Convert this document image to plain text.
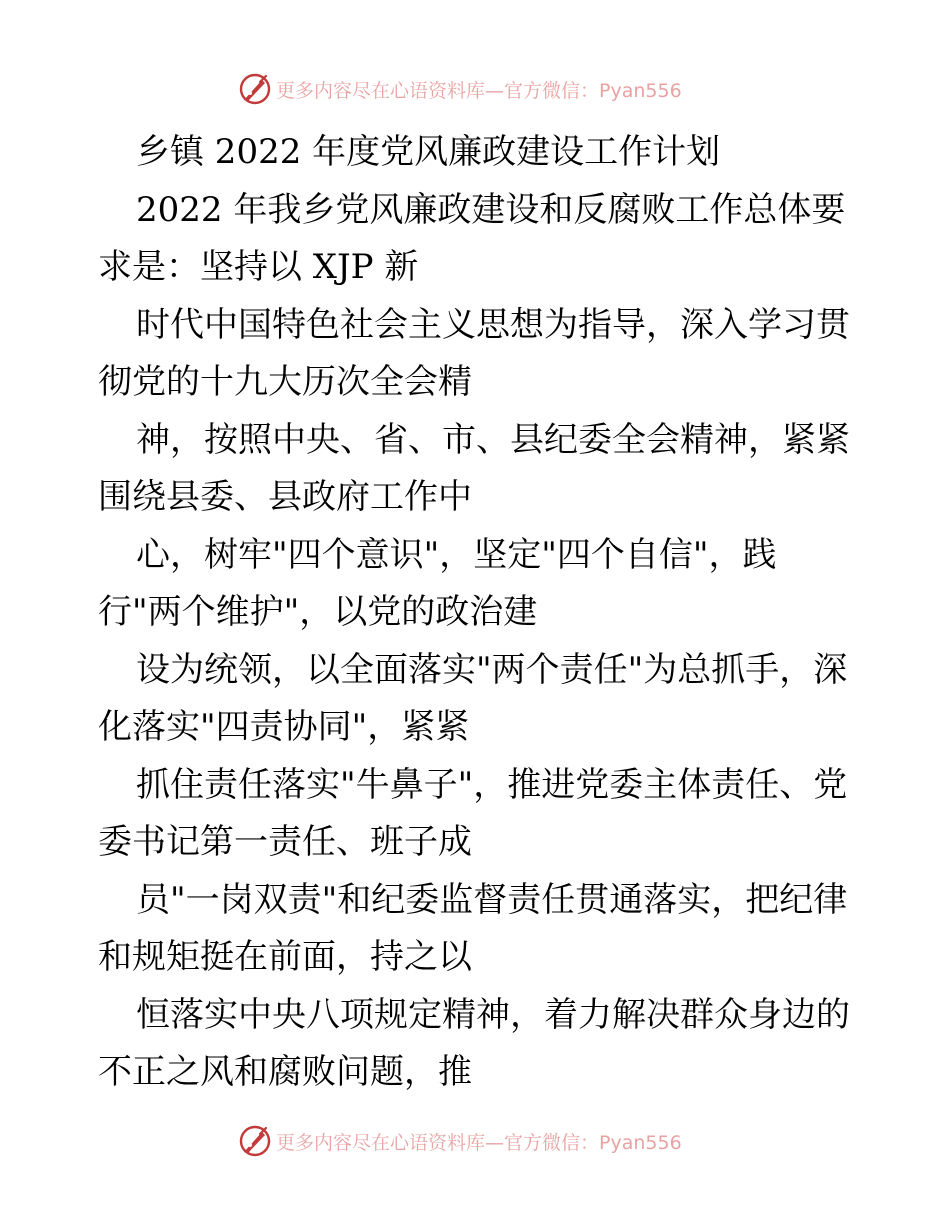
更多内容尽在心语资料库—官方微信：Pyan556
乡镇 2022 年度党风廉政建设工作计划
2022 年我乡党风廉政建设和反腐败工作总体要
求是：坚持以 XJP 新
时代中国特色社会主义思想为指导，深入学习贯
彻党的十九大历次全会精
神，按照中央、省、市、县纪委全会精神，紧紧
围绕县委、县政府工作中
心，树牢"四个意识"，坚定"四个自信"，践
行"两个维护"，以党的政治建
设为统领，以全面落实"两个责任"为总抓手，深
化落实"四责协同"，紧紧
抓住责任落实"牛鼻子"，推进党委主体责任、党
委书记第一责任、班子成
员"一岗双责"和纪委监督责任贯通落实，把纪律
和规矩挺在前面，持之以
恒落实中央八项规定精神，着力解决群众身边的
不正之风和腐败问题，推
更多内容尽在心语资料库—官方微信：Pyan556
